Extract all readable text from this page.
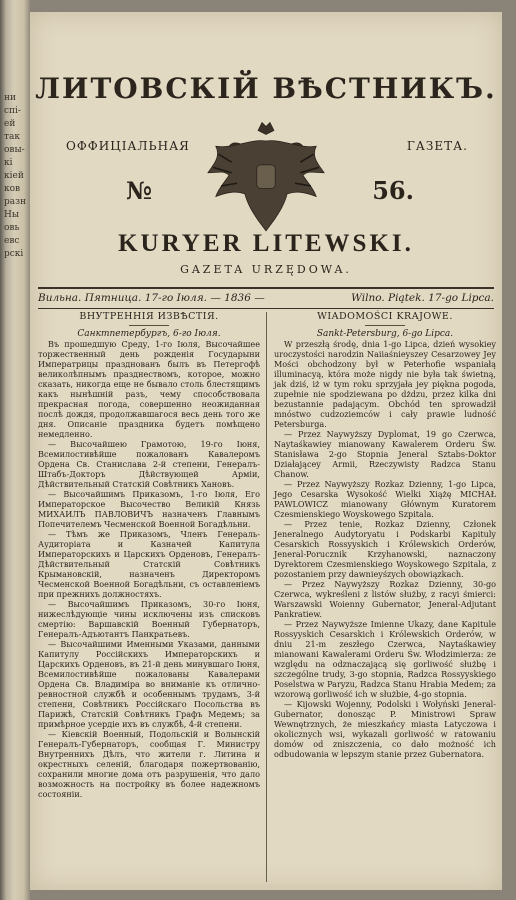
ни
спі-
ей
так
овы-
кі
кіей
ков
разн
Ны
овь
евс
рскі
ЛИТОВСКІЙ ВѢСТНИКЪ.
ОФФИЦІАЛЬНАЯ	ГАЗЕТА.
№	56.
KURYER LITEWSKI.
GAZETA URZĘDOWA.
Вильна. Пятница. 17-го Іюля. — 1836 —	Wilno. Piątek. 17-go Lipca.
ВНУТРЕННІЯ ИЗВѢСТІЯ.
Санктпетербургъ, 6-го Іюля.
Въ прошедшую Среду, 1-го Іюля, Высочайшее торжественный день рожденія Государыни Императрицы празднованъ былъ въ Петергофѣ великолѣпнымъ празднествомъ, которое, можно сказать, никогда еще не бывало столь блестящимъ какъ нынѣшній разъ, чему способствовала прекрасная погода, совершенно неожиданная послѣ дождя, продолжавшагося весь день того же дня. Описаніе праздника будетъ помѣщено немедленно.
— Высочайшею Грамотою, 19-го Іюня, Всемилостивѣйше пожалованъ Кавалеромъ Ордена Св. Станислава 2-й степени, Генералъ-Штабъ-Докторъ Дѣйствующей Арміи, Дѣйствительный Статскій Совѣтникъ Хановъ.
— Высочайшимъ Приказомъ, 1-го Іюля, Его Императорское Высочество Великій Князь МИХАИЛЪ ПАВЛОВИЧЪ назначенъ Главнымъ Попечителемъ Чесменской Военной Богадѣльни.
— Тѣмъ же Приказомъ, Членъ Генераль-Аудиторіата и Казначей Капитула Императорскихъ и Царскихъ Орденовъ, Генералъ-Дѣйствительный Статскій Совѣтникъ Крымановскій, назначенъ Директоромъ Чесменской Военной Богадѣльни, съ оставленіемъ при прежнихъ должностяхъ.
— Высочайшимъ Приказомъ, 30-го Іюня, нижеслѣдующіе чины исключены изъ списковъ смертію: Варшавскій Военный Губернаторъ, Генералъ-Адъютантъ Панкратьевъ.
— Высочайшими Именными Указами, данными Капитулу Россійскихъ Императорскихъ и Царскихъ Орденовъ, въ 21-й день минувшаго Іюня, Всемилостивѣйше пожалованы Кавалерами Ордена Св. Владиміра во вниманіе къ отлично-ревностной службѣ и особеннымъ трудамъ, 3-й степени, Совѣтникъ Россійскаго Посольства въ Парижѣ, Статскій Совѣтникъ Графъ Медемъ; за примѣрное усердіе ихъ въ службѣ, 4-й степени.
— Кіевскій Военный, Подольскій и Волынскій Генералъ-Губернаторъ, сообщая Г. Министру Внутреннихъ Дѣлъ, что жители г. Литина и окрестныхъ селеній, благодаря пожертвованію, сохранили многие дома отъ разрушенія, что дало возможность на постройку въ более надежномъ состояніи.
WIADOMOŚCI KRAJOWE.
Sankt-Petersburg, 6-go Lipca.
W przeszłą środę, dnia 1-go Lipca, dzień wysokiey uroczystości narodzin Naiiaśnieyszey Cesarzowey Jey Mości obchodzony był w Peterhofie wspaniałą illuminacyą, która może nigdy nie była tak świetną, jak dziś, iż w tym roku sprzyjała jey piękna pogoda, zupełnie nie spodziewana po dżdzu, przez kilka dni bezustannie padającym. Obchód ten sprowadził mnóstwo cudzoziemców i cały prawie ludność Petersburga.
— Przez Naywyższy Dyplomat, 19 go Czerwca, Naytaśkawiey mianowany Kawalerem Orderu Św. Stanisława 2-go Stopnia Jeneral Sztabs-Doktor Działającey Armii, Rzeczywisty Radzca Stanu Chanow.
— Przez Naywyższy Rozkaz Dzienny, 1-go Lipca, Jego Cesarska Wysokość Wielki Xiążę MICHAŁ PAWLOWICZ mianowany Głównym Kuratorem Czesmienskiego Woyskowego Szpitala.
— Przez tenie, Rozkaz Dzienny, Członek Jeneralnego Audytoryatu i Podskarbi Kapituly Cesarskich Rossyyskich i Królewskich Orderów, Jeneral-Porucznik Krzyhanowski, naznaczony Dyrektorem Czesmienskiego Woyskowego Szpitala, z pozostaniem przy dawnieyśzych obowiązkach.
— Przez Naywyższy Rozkaz Dzienny, 30-go Czerwca, wykreśleni z listów służby, z racyi śmierci: Warszawski Woienny Gubernator, Jeneral-Adjutant Pankratiew.
— Przez Naywyższe Imienne Ukazy, dane Kapitule Rossyyskich Cesarskich i Królewskich Orderów, w dniu 21-m zeszłego Czerwca, Naytaśkawiey mianowani Kawalerami Orderu Św. Włodzimierza: ze względu na odznaczającą się gorliwość służbę i szczególne trudy, 3-go stopnia, Radzca Rossyyskiego Poselstwa w Paryzu, Radzca Stanu Hrabia Medem; za wzorową gorliwość ich w służbie, 4-go stopnia.
— Kijowski Wojenny, Podolski i Wołyński Jeneral-Gubernator, donosząc P. Ministrowi Spraw Wewnętrznych, że mieszkańcy miasta Latyczowa i okolicznych wsi, wykazali gorliwość w ratowaniu domów od zniszczenia, co dało możność ich odbudowania w lepszym stanie przez Gubernatora.
